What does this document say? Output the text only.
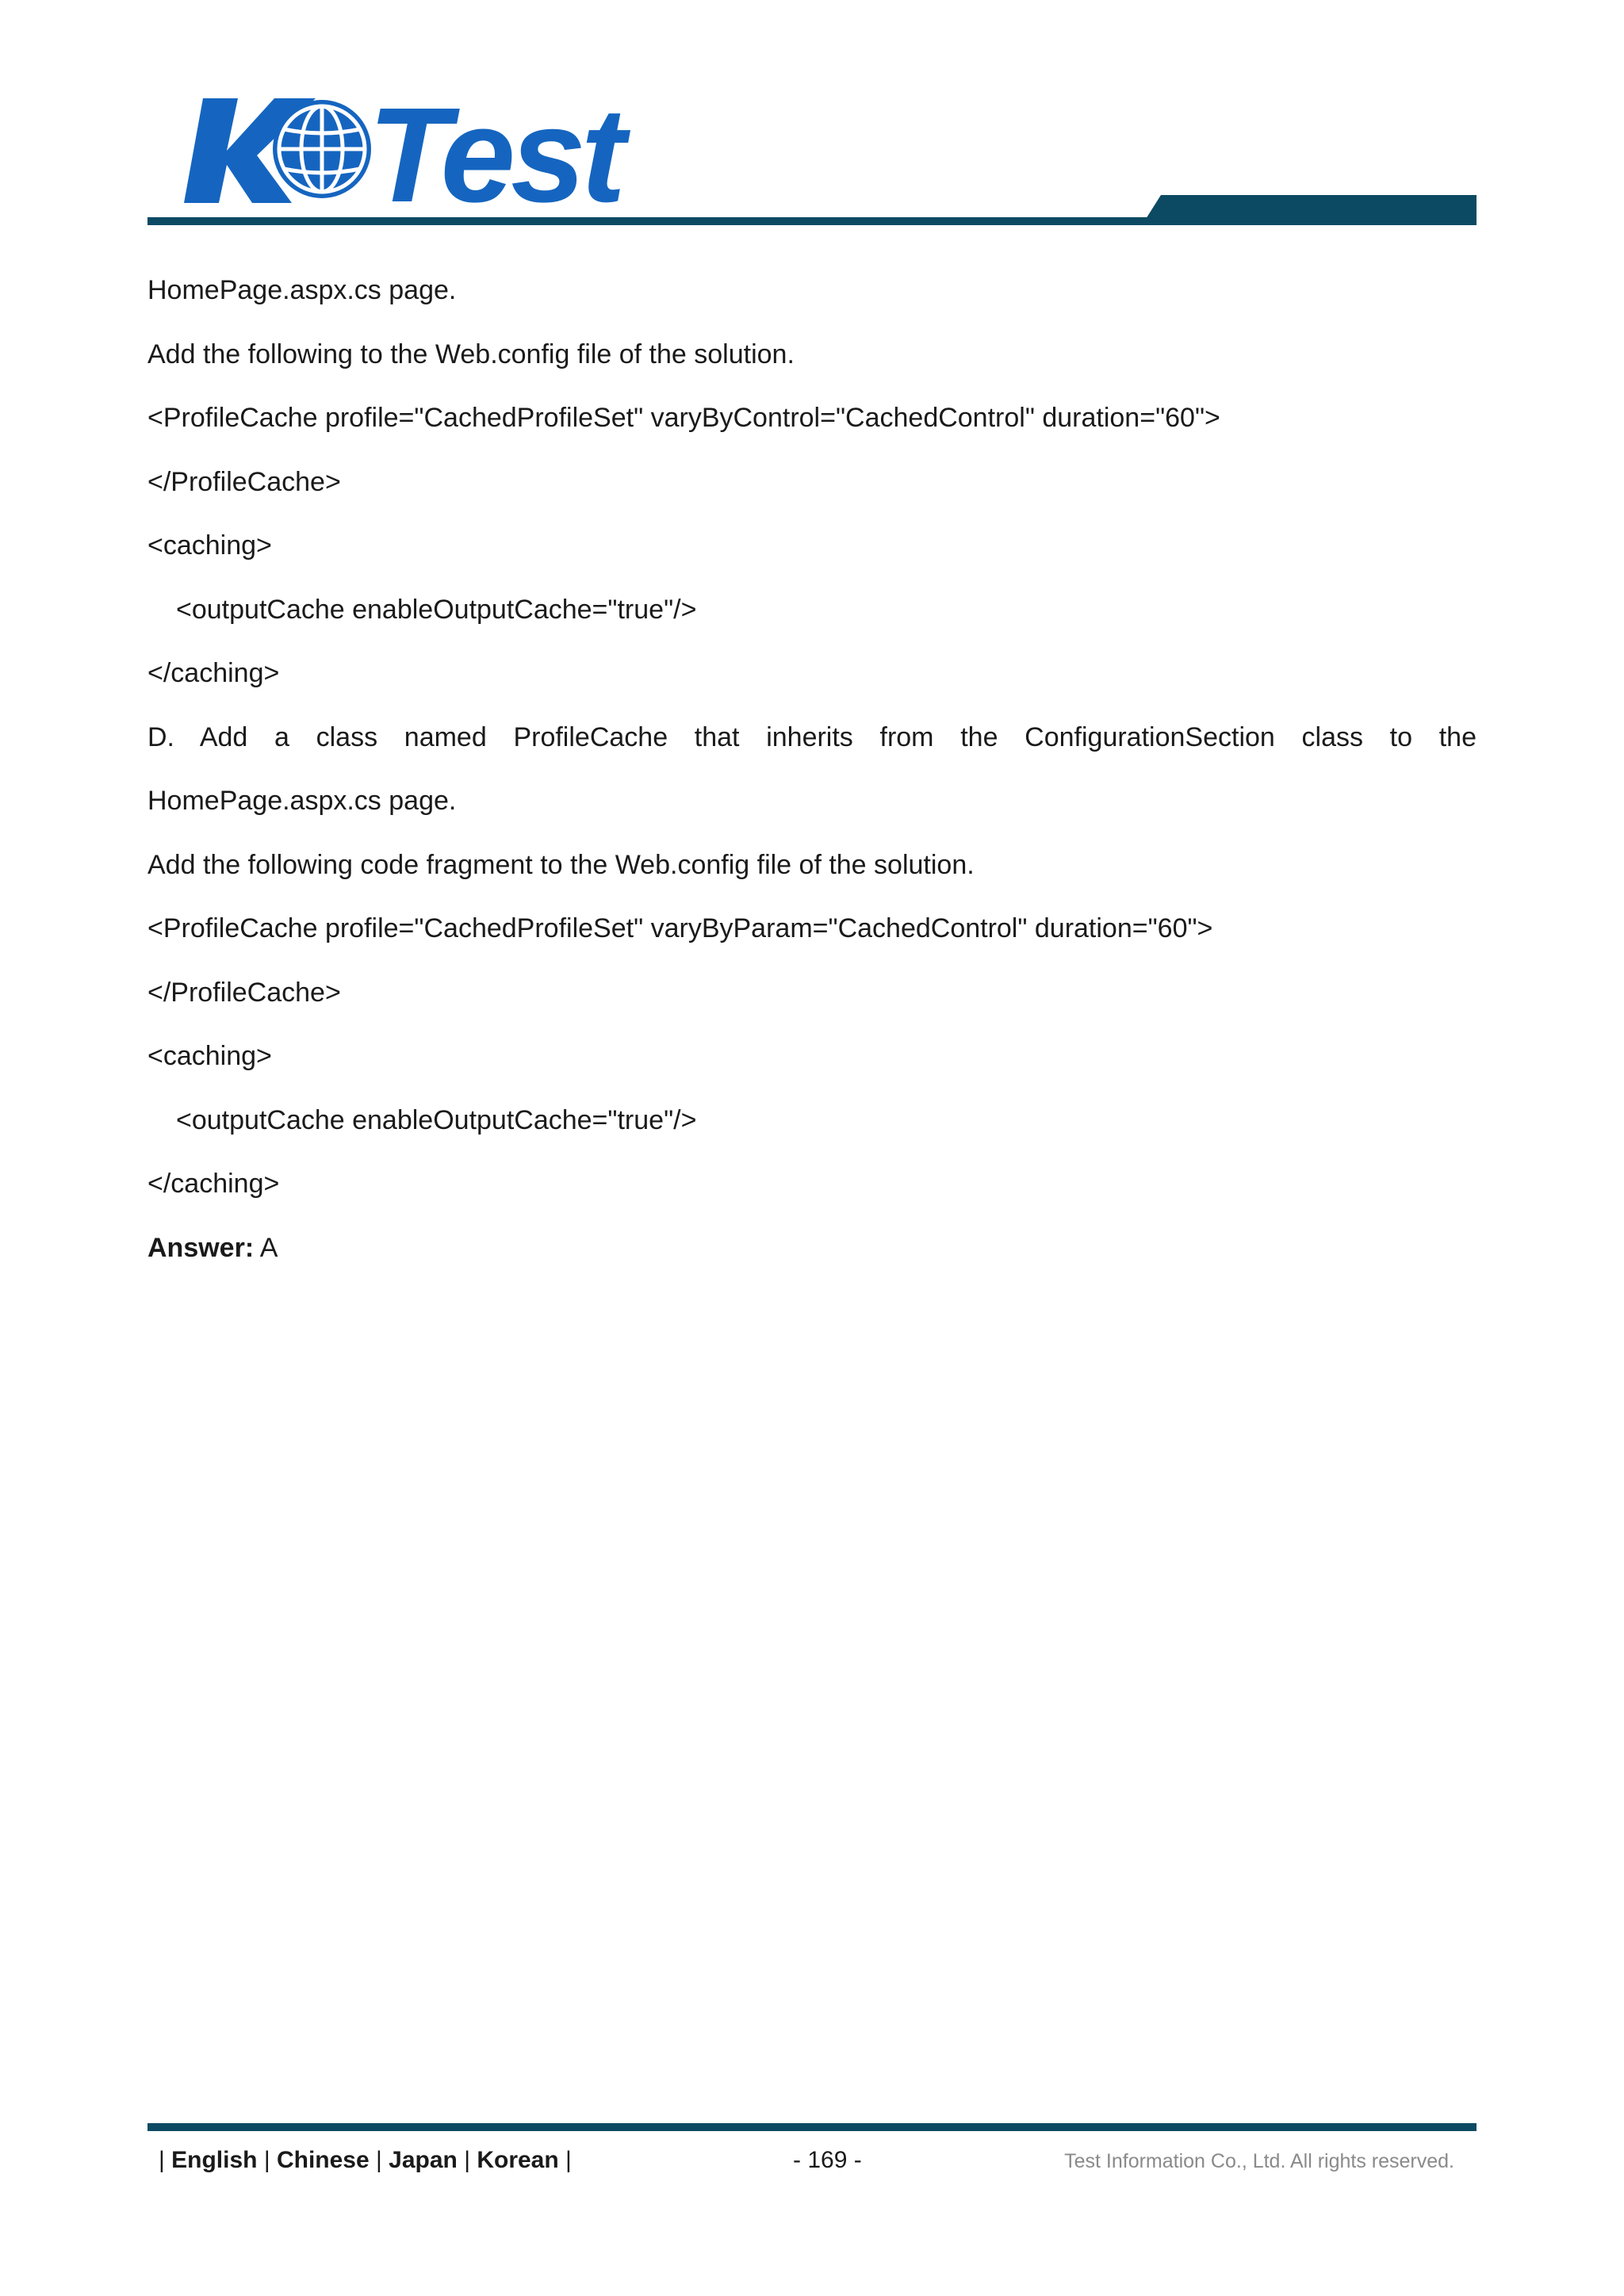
Test
HomePage.aspx.cs page.
Add the following to the Web.config file of the solution.
<ProfileCache profile="CachedProfileSet" varyByControl="CachedControl" duration="60">
</ProfileCache>
<caching>
<outputCache enableOutputCache="true"/>
</caching>
D. Add a class named ProfileCache that inherits from the ConfigurationSection class to the
HomePage.aspx.cs page.
Add the following code fragment to the Web.config file of the solution.
<ProfileCache profile="CachedProfileSet" varyByParam="CachedControl" duration="60">
</ProfileCache>
<caching>
<outputCache enableOutputCache="true"/>
</caching>
Answer: A
| English | Chinese | Japan | Korean |	- 169 -	Test Information Co., Ltd. All rights reserved.
